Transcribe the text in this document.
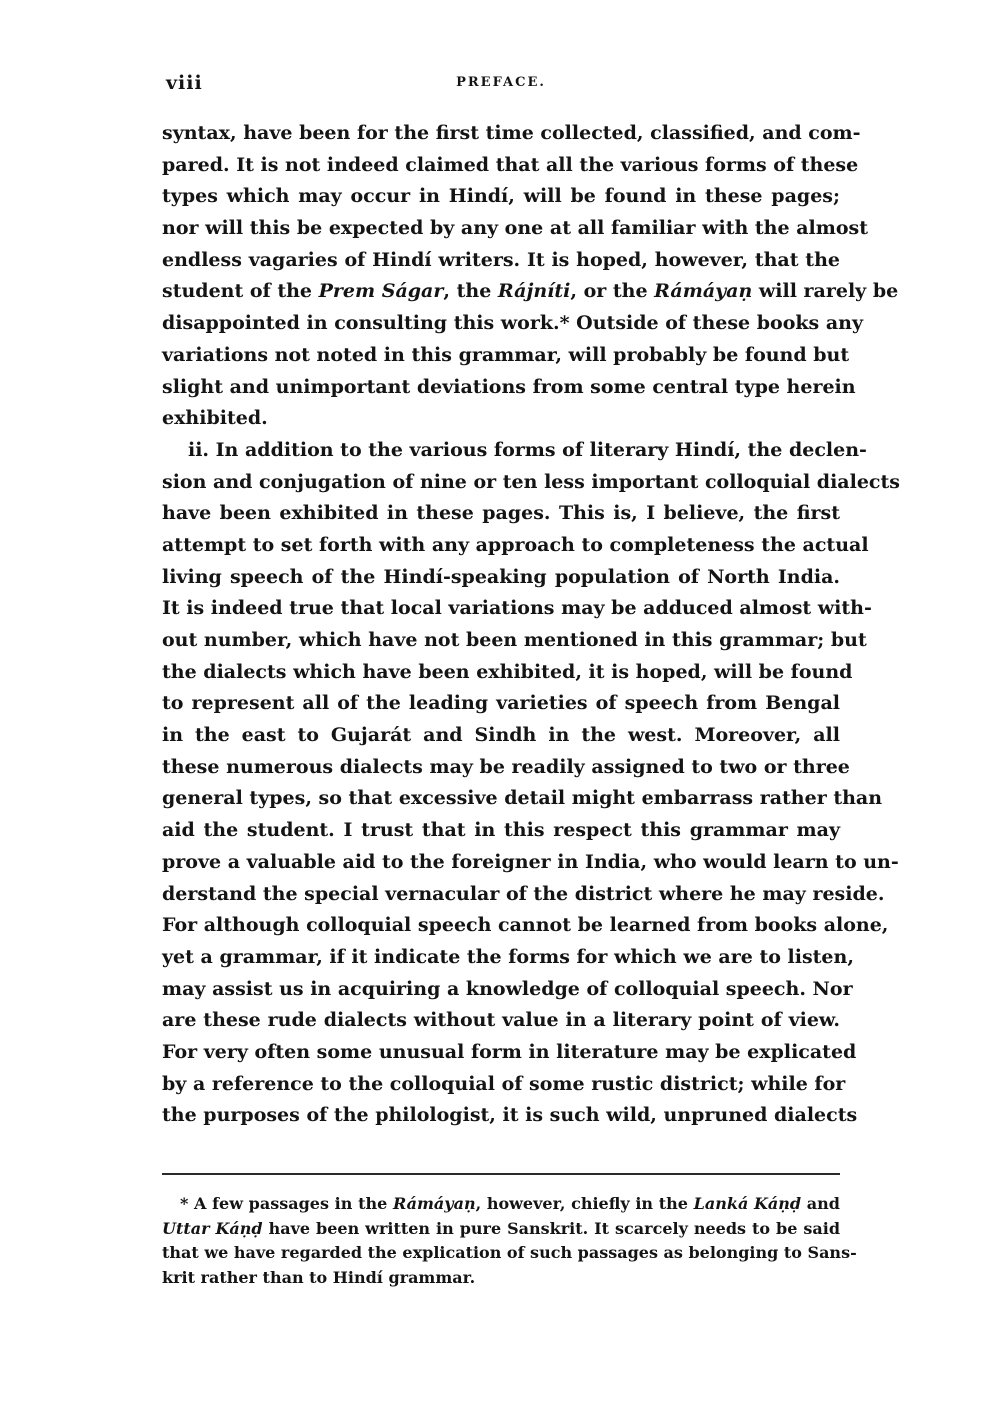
viii	PREFACE.
syntax, have been for the first time collected, classified, and com-
pared. It is not indeed claimed that all the various forms of these
types which may occur in Hindí, will be found in these pages;
nor will this be expected by any one at all familiar with the almost
endless vagaries of Hindí writers. It is hoped, however, that the
student of the Prem Ságar, the Rájníti, or the Rámáyaṇ will rarely be
disappointed in consulting this work.* Outside of these books any
variations not noted in this grammar, will probably be found but
slight and unimportant deviations from some central type herein
exhibited.
ii. In addition to the various forms of literary Hindí, the declen-
sion and conjugation of nine or ten less important colloquial dialects
have been exhibited in these pages. This is, I believe, the first
attempt to set forth with any approach to completeness the actual
living speech of the Hindí-speaking population of North India.
It is indeed true that local variations may be adduced almost with-
out number, which have not been mentioned in this grammar; but
the dialects which have been exhibited, it is hoped, will be found
to represent all of the leading varieties of speech from Bengal
in the east to Gujarát and Sindh in the west. Moreover, all
these numerous dialects may be readily assigned to two or three
general types, so that excessive detail might embarrass rather than
aid the student. I trust that in this respect this grammar may
prove a valuable aid to the foreigner in India, who would learn to un-
derstand the special vernacular of the district where he may reside.
For although colloquial speech cannot be learned from books alone,
yet a grammar, if it indicate the forms for which we are to listen,
may assist us in acquiring a knowledge of colloquial speech. Nor
are these rude dialects without value in a literary point of view.
For very often some unusual form in literature may be explicated
by a reference to the colloquial of some rustic district; while for
the purposes of the philologist, it is such wild, unpruned dialects
* A few passages in the Rámáyaṇ, however, chiefly in the Lanká Káṇḍ and
Uttar Káṇḍ have been written in pure Sanskrit. It scarcely needs to be said
that we have regarded the explication of such passages as belonging to Sans-
krit rather than to Hindí grammar.
